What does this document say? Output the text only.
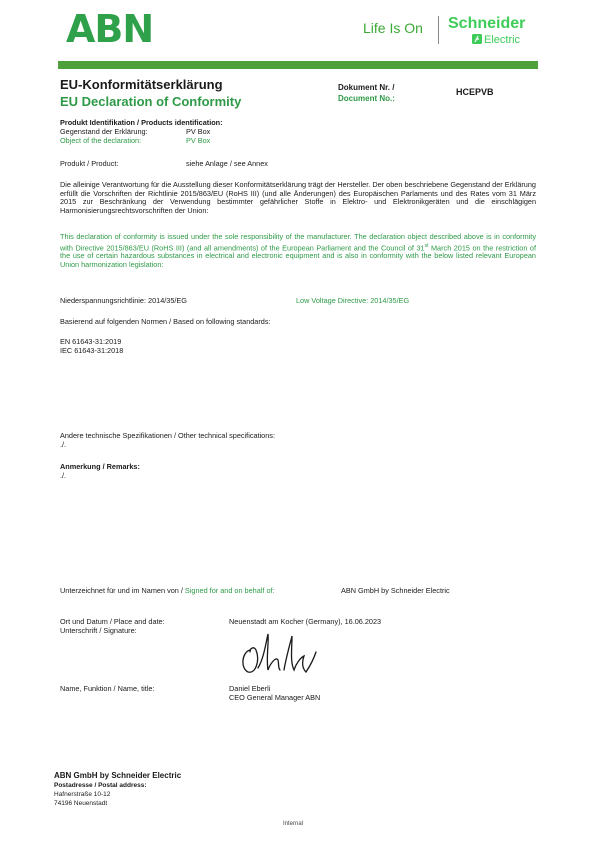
ABN	Life Is On Schneider
Electric
EU-Konformitätserklärung
EU Declaration of Conformity
Dokument Nr. /
Document No.:
HCEPVB
Produkt Identifikation / Products identification:
Gegenstand der Erklärung:	PV Box
Object of the declaration:	PV Box
Produkt / Product:	siehe Anlage / see Annex
Die alleinige Verantwortung für die Ausstellung dieser Konformitätserklärung trägt der Hersteller. Der oben beschriebene Gegenstand der Erklärung erfüllt die Vorschriften der Richtlinie 2015/863/EU (RoHS III) (und alle Änderungen) des Europäischen Parlaments und des Rates vom 31 März 2015 zur Beschränkung der Verwendung bestimmter gefährlicher Stoffe in Elektro- und Elektronikgeräten und die einschlägigen Harmonisierungsrechtsvorschriften der Union:
This declaration of conformity is issued under the sole responsibility of the manufacturer. The declaration object described above is in conformity with Directive 2015/863/EU (RoHS III) (and all amendments) of the European Parliament and the Council of 31st March 2015 on the restriction of the use of certain hazardous substances in electrical and electronic equipment and is also in conformity with the below listed relevant European Union harmonization legislation:
Niederspannungsrichtlinie: 2014/35/EG	Low Voltage Directive: 2014/35/EG
Basierend auf folgenden Normen / Based on following standards:
EN 61643-31:2019
IEC 61643-31:2018
Andere technische Spezifikationen / Other technical specifications:
./.
Anmerkung / Remarks:
./.
Unterzeichnet für und im Namen von / Signed for and on behalf of:	ABN GmbH by Schneider Electric
Ort und Datum / Place and date:	Neuenstadt am Kocher (Germany), 16.06.2023
Unterschrift / Signature:
Name, Funktion / Name, title:	Daniel Eberli
CEO General Manager ABN
ABN GmbH by Schneider Electric
Postadresse / Postal address:
Hafnerstraße 10-12
74196 Neuenstadt
Internal
